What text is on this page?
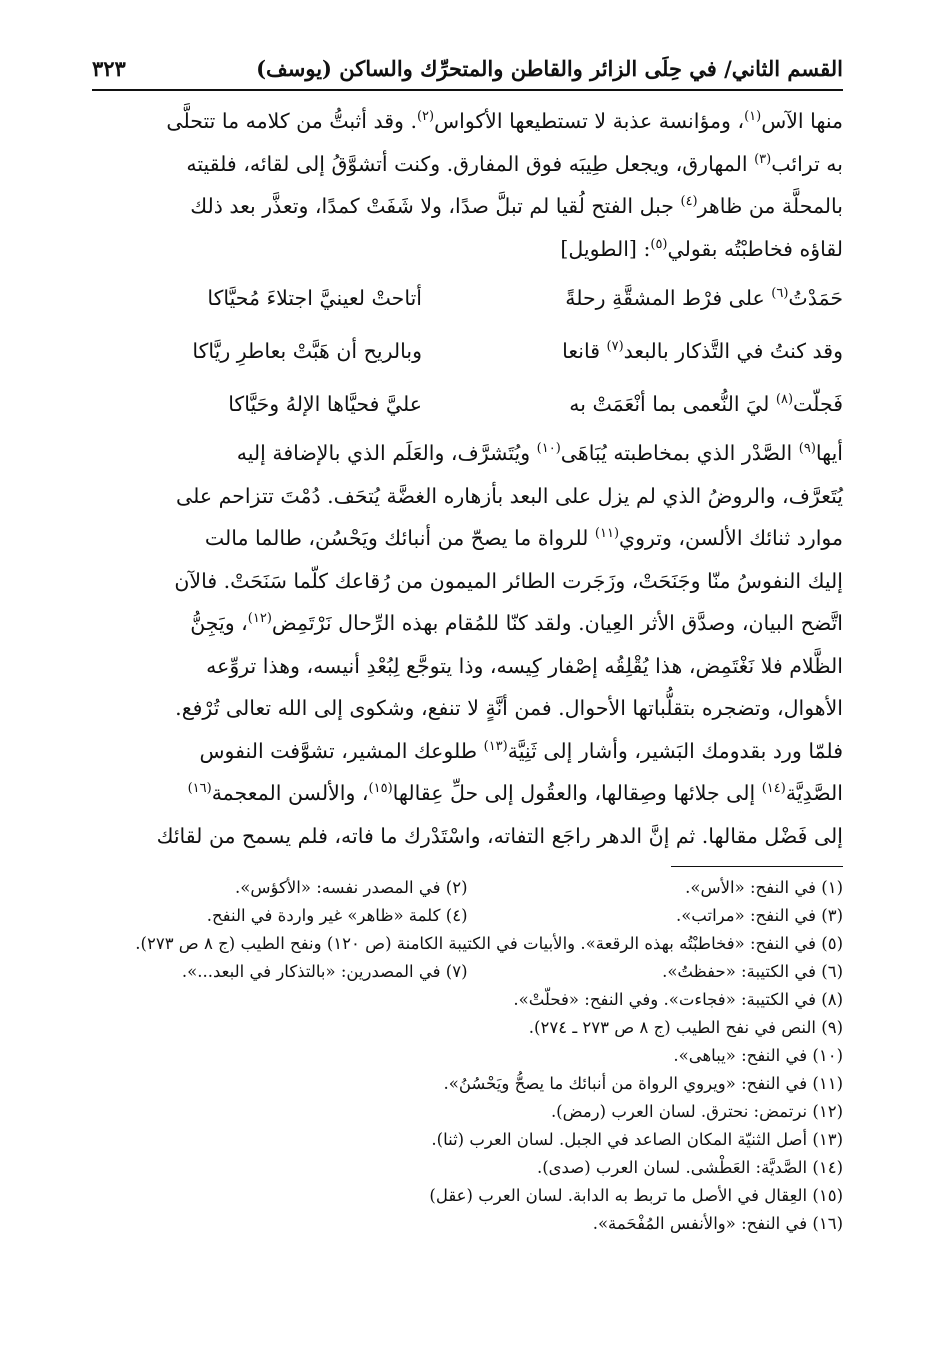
القسم الثاني/ في حِلَى الزائر والقاطن والمتحرِّك والساكن (يوسف)
٣٢٣

منها الآس$^{(١)}$، ومؤانسة عذبة لا تستطيعها الأكواس$^{(٢)}$. وقد أثبتُّ من كلامه ما تتحلَّى

به ترائب$^{(٣)}$ المهارق، ويجعل طِيبَه فوق المفارق. وكنت أتشوَّقُ إلى لقائه، فلقيته

بالمحلَّة من ظاهر$^{(٤)}$ جبل الفتح لُقيا لم تبلَّ صدًا، ولا شَفَتْ كمدًا، وتعذَّر بعد ذلك

لقاؤه فخاطبْتُه بقولي$^{(٥)}$: [الطويل]

حَمَدْتُ$^{(٦)}$ على فرْط المشقَّةِ رحلةً
أتاحتْ لعينيَّ اجتلاءَ مُحيَّاكا
وقد كنتُ في التَّذكار بالبعد$^{(٧)}$ قانعا
وبالريح أن هَبَّتْ بعاطرِ ريَّاكا
فَجلّت$^{(٨)}$ ليَ النُّعمى بما أنْعَمَتْ به
عليَّ فحيَّاها الإلهُ وحَيَّاكا

أيها$^{(٩)}$ الصَّدْر الذي بمخاطبته يُبَاهَى$^{(١٠)}$ ويُتَشرَّف، والعَلَم الذي بالإضافة إليه

يُتَعرَّف، والروضُ الذي لم يزل على البعد بأزهاره الغضَّة يُتحَف. دُمْتَ تتزاحم على

موارد ثنائك الألسن، وتروي$^{(١١)}$ للرواة ما يصحّ من أنبائك ويَحْسُن، طالما مالت

إليك النفوسُ منّا وجَنَحَتْ، وزَجَرت الطائر الميمون من رُقاعك كلّما سَنَحَتْ. فالآن

اتَّضح البيان، وصدَّق الأثر العِيان. ولقد كنّا للمُقام بهذه الرِّحال نَرْتَمِض$^{(١٢)}$، ويَجِنُّ

الظَّلام فلا نَغْتَمِض، هذا يُقْلِقُه إصْفار كِيسه، وذا يتوجَّع لِبُعْدِ أنيسه، وهذا تروِّعه

الأهوال، وتضجره بتقلُّباتها الأحوال. فمن أنَّةٍ لا تنفع، وشكوى إلى الله تعالى تُرْفع.

فلمّا ورد بقدومك البَشير، وأشار إلى ثَنِيَّة$^{(١٣)}$ طلوعك المشير، تشوَّفت النفوس

الصَّدِيَّة$^{(١٤)}$ إلى جلائها وصِقالها، والعقُول إلى حلِّ عِقالها$^{(١٥)}$، والألسن المعجمة$^{(١٦)}$

إلى فَضْل مقالها. ثم إنَّ الدهر راجَع التفاته، واسْتَدْرك ما فاته، فلم يسمح من لقائك

(١) في النفح: «الأس».
(٢) في المصدر نفسه: «الأكؤس».
(٣) في النفح: «مراتب».
(٤) كلمة «ظاهر» غير واردة في النفح.
(٥) في النفح: «فخاطبْتُه بهذه الرقعة». والأبيات في الكتيبة الكامنة (ص ١٢٠) ونفح الطيب (ج ٨ ص ٢٧٣).
(٦) في الكتيبة: «حفظتُ».
(٧) في المصدرين: «بالتذكار في البعد...».
(٨) في الكتيبة: «فجاءت». وفي النفح: «فحلّتْ».
(٩) النص في نفح الطيب (ج ٨ ص ٢٧٣ ـ ٢٧٤).
(١٠) في النفح: «يباهى».
(١١) في النفح: «ويروي الرواة من أنبائك ما يصحُّ ويَحْسُنُ».
(١٢) نرتمض: نحترق. لسان العرب (رمض).
(١٣) أصل الثنيّة المكان الصاعد في الجبل. لسان العرب (ثنا).
(١٤) الصَّديَّة: العَطْشى. لسان العرب (صدى).
(١٥) العِقال في الأصل ما تربط به الدابة. لسان العرب (عقل)
(١٦) في النفح: «والأنفس المُفْحَمة».
